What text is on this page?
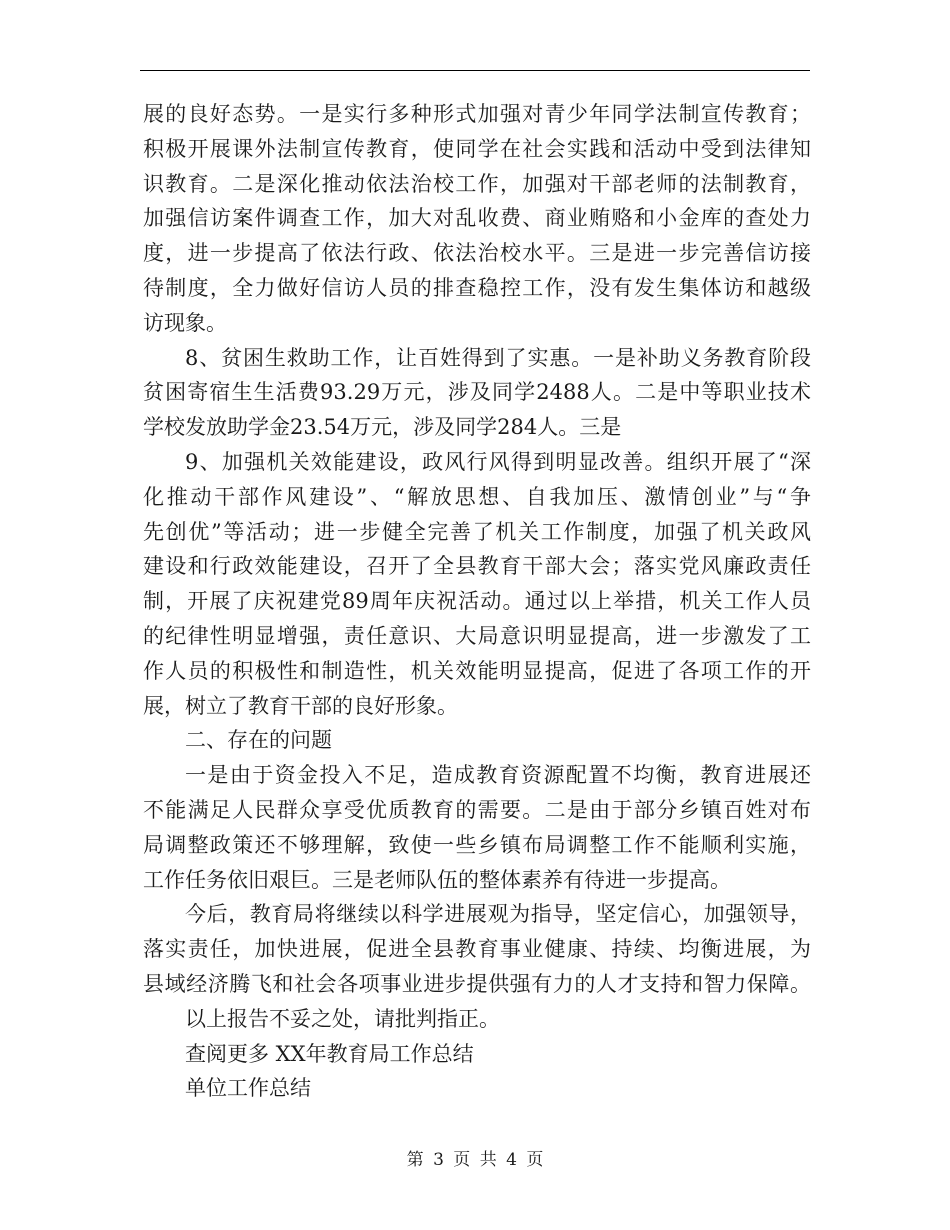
展的良好态势。一是实行多种形式加强对青少年同学法制宣传教育；
积极开展课外法制宣传教育，使同学在社会实践和活动中受到法律知
识教育。二是深化推动依法治校工作，加强对干部老师的法制教育，
加强信访案件调查工作，加大对乱收费、商业贿赂和小金库的查处力
度，进一步提高了依法行政、依法治校水平。三是进一步完善信访接
待制度，全力做好信访人员的排查稳控工作，没有发生集体访和越级
访现象。
8、贫困生救助工作，让百姓得到了实惠。一是补助义务教育阶段
贫困寄宿生生活费93.29万元，涉及同学2488人。二是中等职业技术
学校发放助学金23.54万元，涉及同学284人。三是
9、加强机关效能建设，政风行风得到明显改善。组织开展了“深
化推动干部作风建设”、“解放思想、自我加压、激情创业”与“争
先创优”等活动；进一步健全完善了机关工作制度，加强了机关政风
建设和行政效能建设，召开了全县教育干部大会；落实党风廉政责任
制，开展了庆祝建党89周年庆祝活动。通过以上举措，机关工作人员
的纪律性明显增强，责任意识、大局意识明显提高，进一步激发了工
作人员的积极性和制造性，机关效能明显提高，促进了各项工作的开
展，树立了教育干部的良好形象。
二、存在的问题
一是由于资金投入不足，造成教育资源配置不均衡，教育进展还
不能满足人民群众享受优质教育的需要。二是由于部分乡镇百姓对布
局调整政策还不够理解，致使一些乡镇布局调整工作不能顺利实施，
工作任务依旧艰巨。三是老师队伍的整体素养有待进一步提高。
今后，教育局将继续以科学进展观为指导，坚定信心，加强领导，
落实责任，加快进展，促进全县教育事业健康、持续、均衡进展，为
县域经济腾飞和社会各项事业进步提供强有力的人才支持和智力保障。
以上报告不妥之处，请批判指正。
查阅更多 XX年教育局工作总结
单位工作总结
第 3 页 共 4 页
